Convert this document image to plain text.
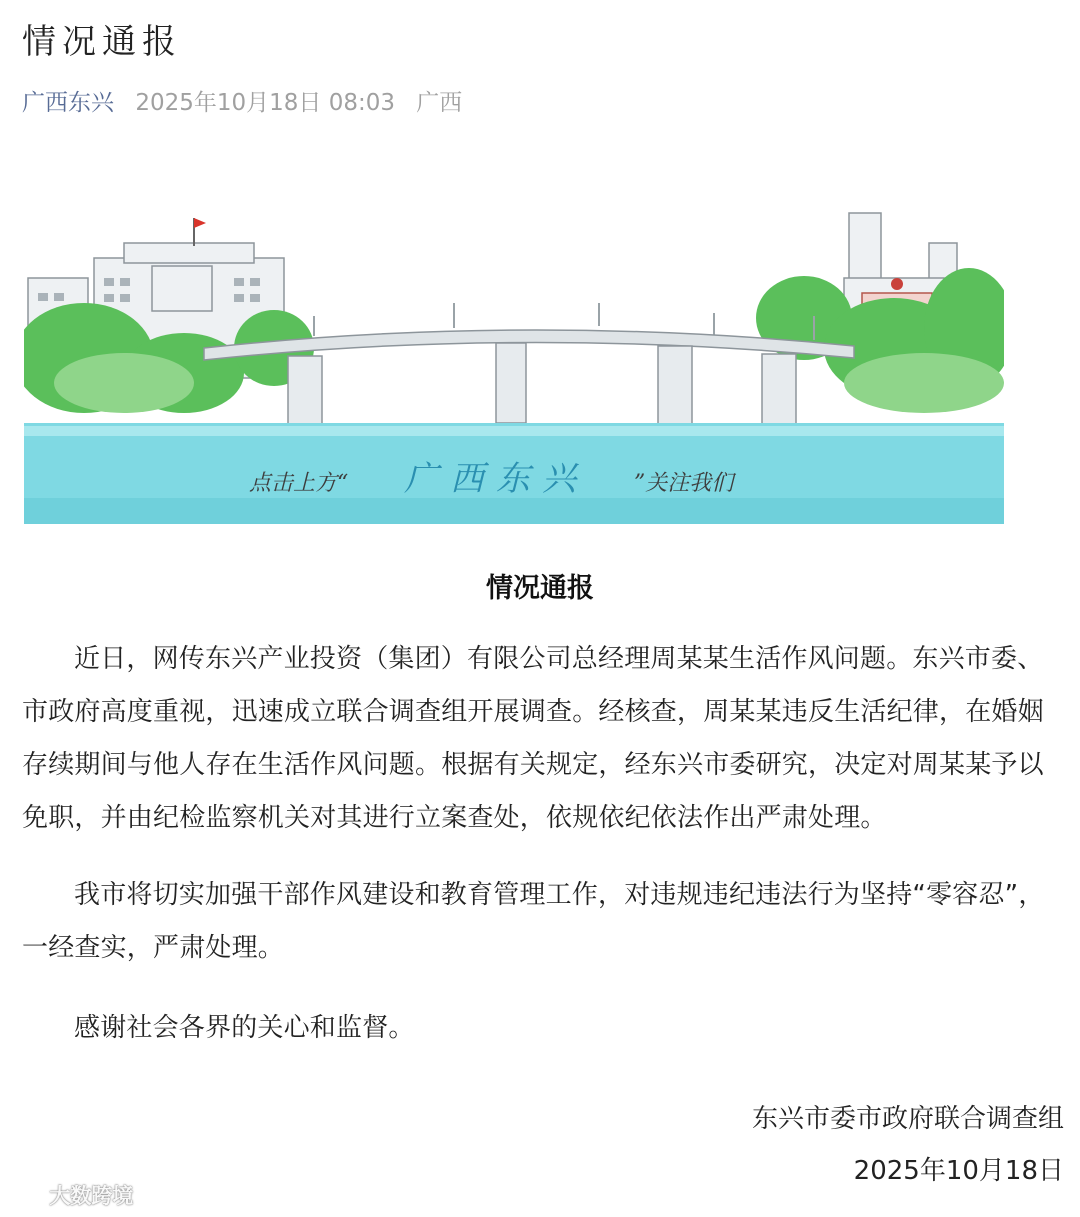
情况通报
广西东兴 2025年10月18日 08:03 广西
点击上方“ 广西东兴 ”关注我们
情况通报

近日，网传东兴产业投资（集团）有限公司总经理周某某生活作风问题。东兴市委、市政府高度重视，迅速成立联合调查组开展调查。经核查，周某某违反生活纪律，在婚姻存续期间与他人存在生活作风问题。根据有关规定，经东兴市委研究，决定对周某某予以免职，并由纪检监察机关对其进行立案查处，依规依纪依法作出严肃处理。

我市将切实加强干部作风建设和教育管理工作，对违规违纪违法行为坚持“零容忍”，一经查实，严肃处理。

感谢社会各界的关心和监督。

东兴市委市政府联合调查组

2025年10月18日

大数跨境
